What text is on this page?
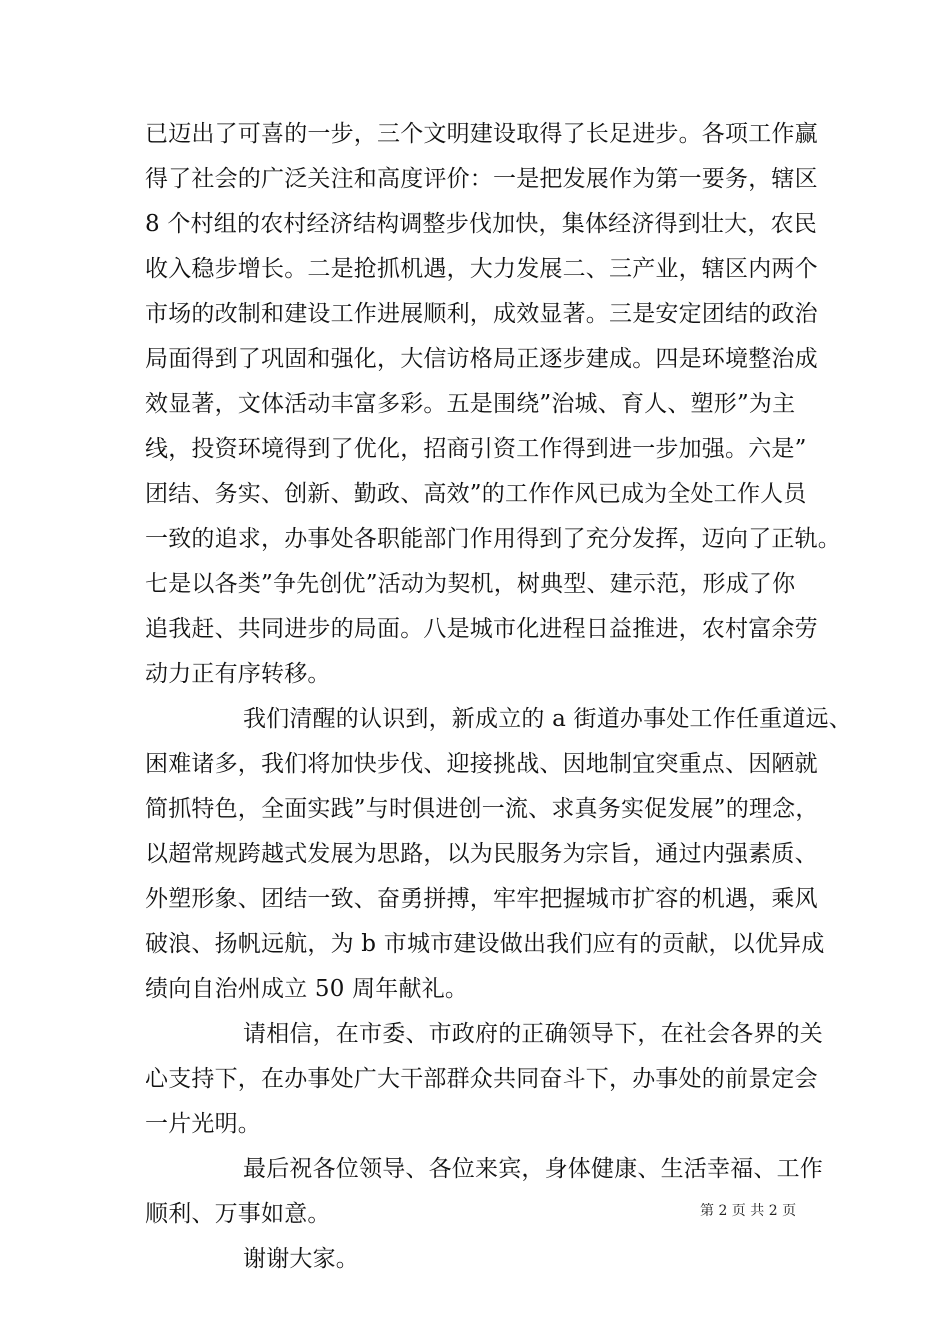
已迈出了可喜的一步，三个文明建设取得了长足进步。各项工作赢
得了社会的广泛关注和高度评价：一是把发展作为第一要务，辖区
8 个村组的农村经济结构调整步伐加快，集体经济得到壮大，农民
收入稳步增长。二是抢抓机遇，大力发展二、三产业，辖区内两个
市场的改制和建设工作进展顺利，成效显著。三是安定团结的政治
局面得到了巩固和强化，大信访格局正逐步建成。四是环境整治成
效显著，文体活动丰富多彩。五是围绕”治城、育人、塑形”为主
线，投资环境得到了优化，招商引资工作得到进一步加强。六是”
团结、务实、创新、勤政、高效”的工作作风已成为全处工作人员
一致的追求，办事处各职能部门作用得到了充分发挥，迈向了正轨。
七是以各类”争先创优”活动为契机，树典型、建示范，形成了你
追我赶、共同进步的局面。八是城市化进程日益推进，农村富余劳
动力正有序转移。
我们清醒的认识到，新成立的 a 街道办事处工作任重道远、
困难诸多，我们将加快步伐、迎接挑战、因地制宜突重点、因陋就
简抓特色，全面实践”与时俱进创一流、求真务实促发展”的理念，
以超常规跨越式发展为思路，以为民服务为宗旨，通过内强素质、
外塑形象、团结一致、奋勇拼搏，牢牢把握城市扩容的机遇，乘风
破浪、扬帆远航，为 b 市城市建设做出我们应有的贡献，以优异成
绩向自治州成立 50 周年献礼。
请相信，在市委、市政府的正确领导下，在社会各界的关
心支持下，在办事处广大干部群众共同奋斗下，办事处的前景定会
一片光明。
最后祝各位领导、各位来宾，身体健康、生活幸福、工作
顺利、万事如意。
谢谢大家。
第 2 页 共 2 页
